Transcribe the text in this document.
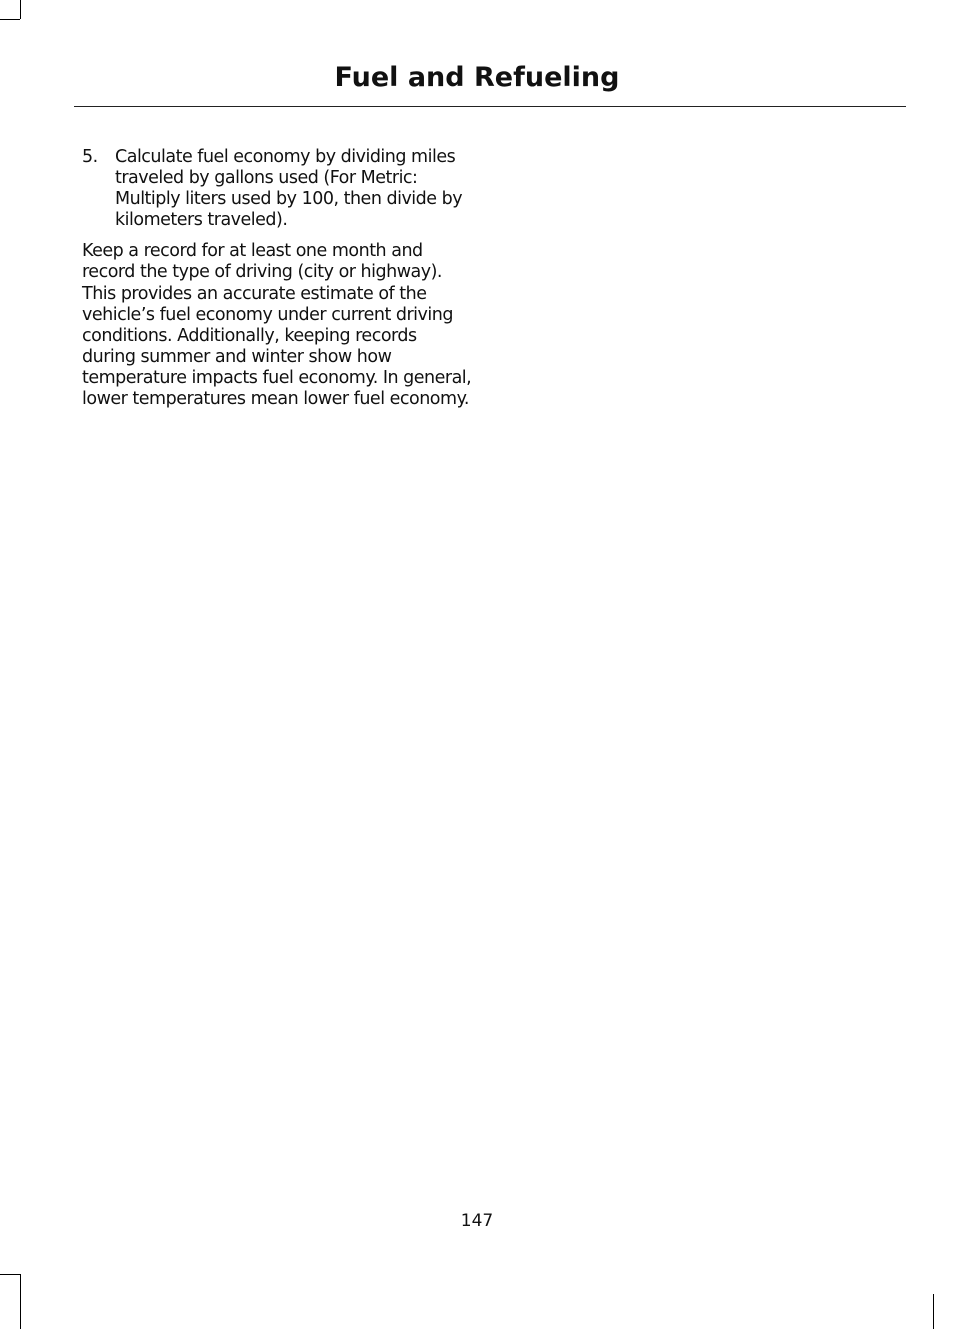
Fuel and Refueling
5. Calculate fuel economy by dividing miles traveled by gallons used (For Metric: Multiply liters used by 100, then divide by kilometers traveled).

Keep a record for at least one month and record the type of driving (city or highway). This provides an accurate estimate of the vehicle’s fuel economy under current driving conditions. Additionally, keeping records during summer and winter show how temperature impacts fuel economy. In general, lower temperatures mean lower fuel economy.

147
